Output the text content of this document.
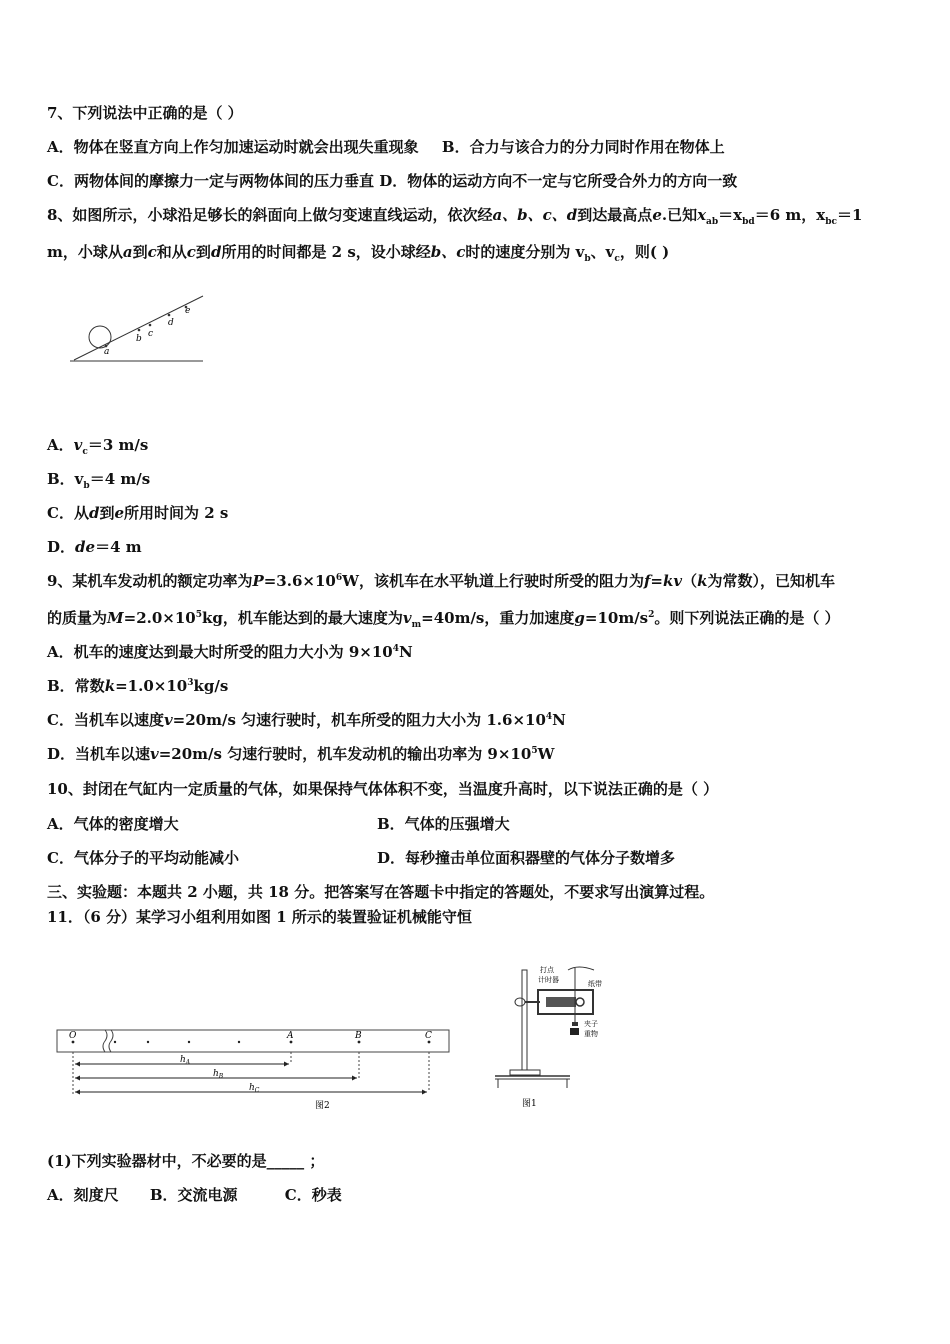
7、下列说法中正确的是（ ）
A．物体在竖直方向上作匀加速运动时就会出现失重现象 B．合力与该合力的分力同时作用在物体上
C．两物体间的摩擦力一定与两物体间的压力垂直 D．物体的运动方向不一定与它所受合外力的方向一致
8、如图所示，小球沿足够长的斜面向上做匀变速直线运动，依次经a、b、c、d到达最高点e.已知$x_{ab}=x_{bd}=6$ m，$x_{bc}=1$
m，小球从a到c和从c到d所用的时间都是 2 s，设小球经b、c时的速度分别为 $v_b$、$v_c$，则( )
a
b c
d
e
A．$v_c=3$ m/s
B．$v_b=4$ m/s
C．从d到e所用时间为 2 s
D．de＝4 m
9、某机车发动机的额定功率为$P=3.6\times 10^6W$，该机车在水平轨道上行驶时所受的阻力为f=kv（k为常数），已知机车
的质量为$M=2.0\times 10^5kg$，机车能达到的最大速度为$v_m=40m/s$，重力加速度$g=10m/s^2$。则下列说法正确的是（ ）
A．机车的速度达到最大时所受的阻力大小为 $9\times 10^4N$
B．常数$k=1.0\times 10^3kg/s$
C．当机车以速度v=20m/s 匀速行驶时，机车所受的阻力大小为 $1.6\times 10^4N$
D．当机车以速v=20m/s 匀速行驶时，机车发动机的输出功率为 $9\times 10^5W$
10、封闭在气缸内一定质量的气体，如果保持气体体积不变，当温度升高时，以下说法正确的是（ ）
A．气体的密度增大	B．气体的压强增大
C．气体分子的平均动能减小	D．每秒撞击单位面积器壁的气体分子数增多
三、实验题：本题共 2 小题，共 18 分。把答案写在答题卡中指定的答题处，不要求写出演算过程。
11．（6 分）某学习小组利用如图 1 所示的装置验证机械能守恒
O	A	B	C
$h_A$
$h_B$
$h_C$
图2
打点
计时器	纸带
夹子
重物
图1
(1)下列实验器材中，不必要的是_____ ；
A．刻度尺 B．交流电源	C．秒表
